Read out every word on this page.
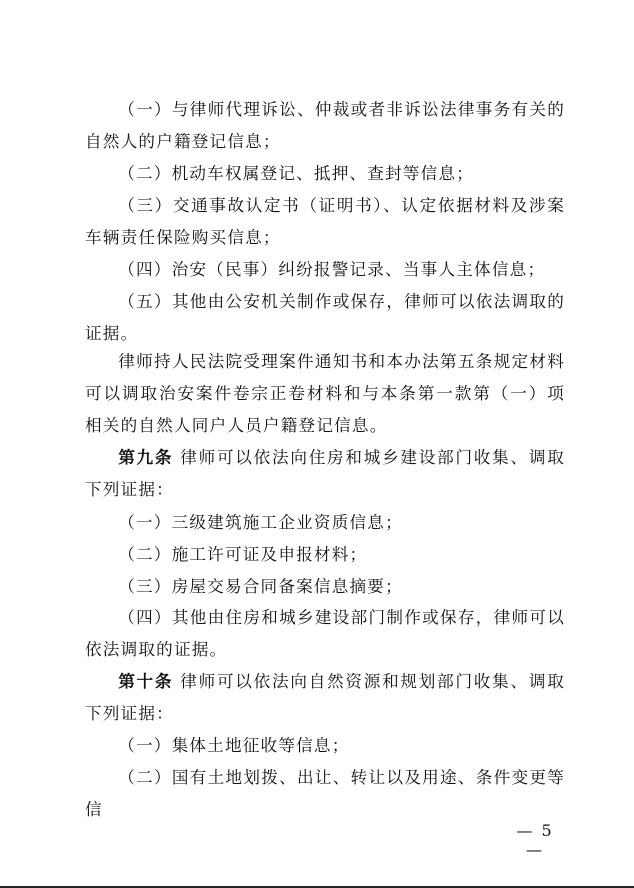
（一）与律师代理诉讼、仲裁或者非诉讼法律事务有关的自然人的户籍登记信息；

（二）机动车权属登记、抵押、查封等信息；

（三）交通事故认定书（证明书）、认定依据材料及涉案车辆责任保险购买信息；

（四）治安（民事）纠纷报警记录、当事人主体信息；

（五）其他由公安机关制作或保存，律师可以依法调取的证据。

律师持人民法院受理案件通知书和本办法第五条规定材料可以调取治安案件卷宗正卷材料和与本条第一款第（一）项相关的自然人同户人员户籍登记信息。

第九条 律师可以依法向住房和城乡建设部门收集、调取下列证据：

（一）三级建筑施工企业资质信息；

（二）施工许可证及申报材料；

（三）房屋交易合同备案信息摘要；

（四）其他由住房和城乡建设部门制作或保存，律师可以依法调取的证据。

第十条 律师可以依法向自然资源和规划部门收集、调取下列证据：

（一）集体土地征收等信息；

（二）国有土地划拨、出让、转让以及用途、条件变更等信

— 5 —
